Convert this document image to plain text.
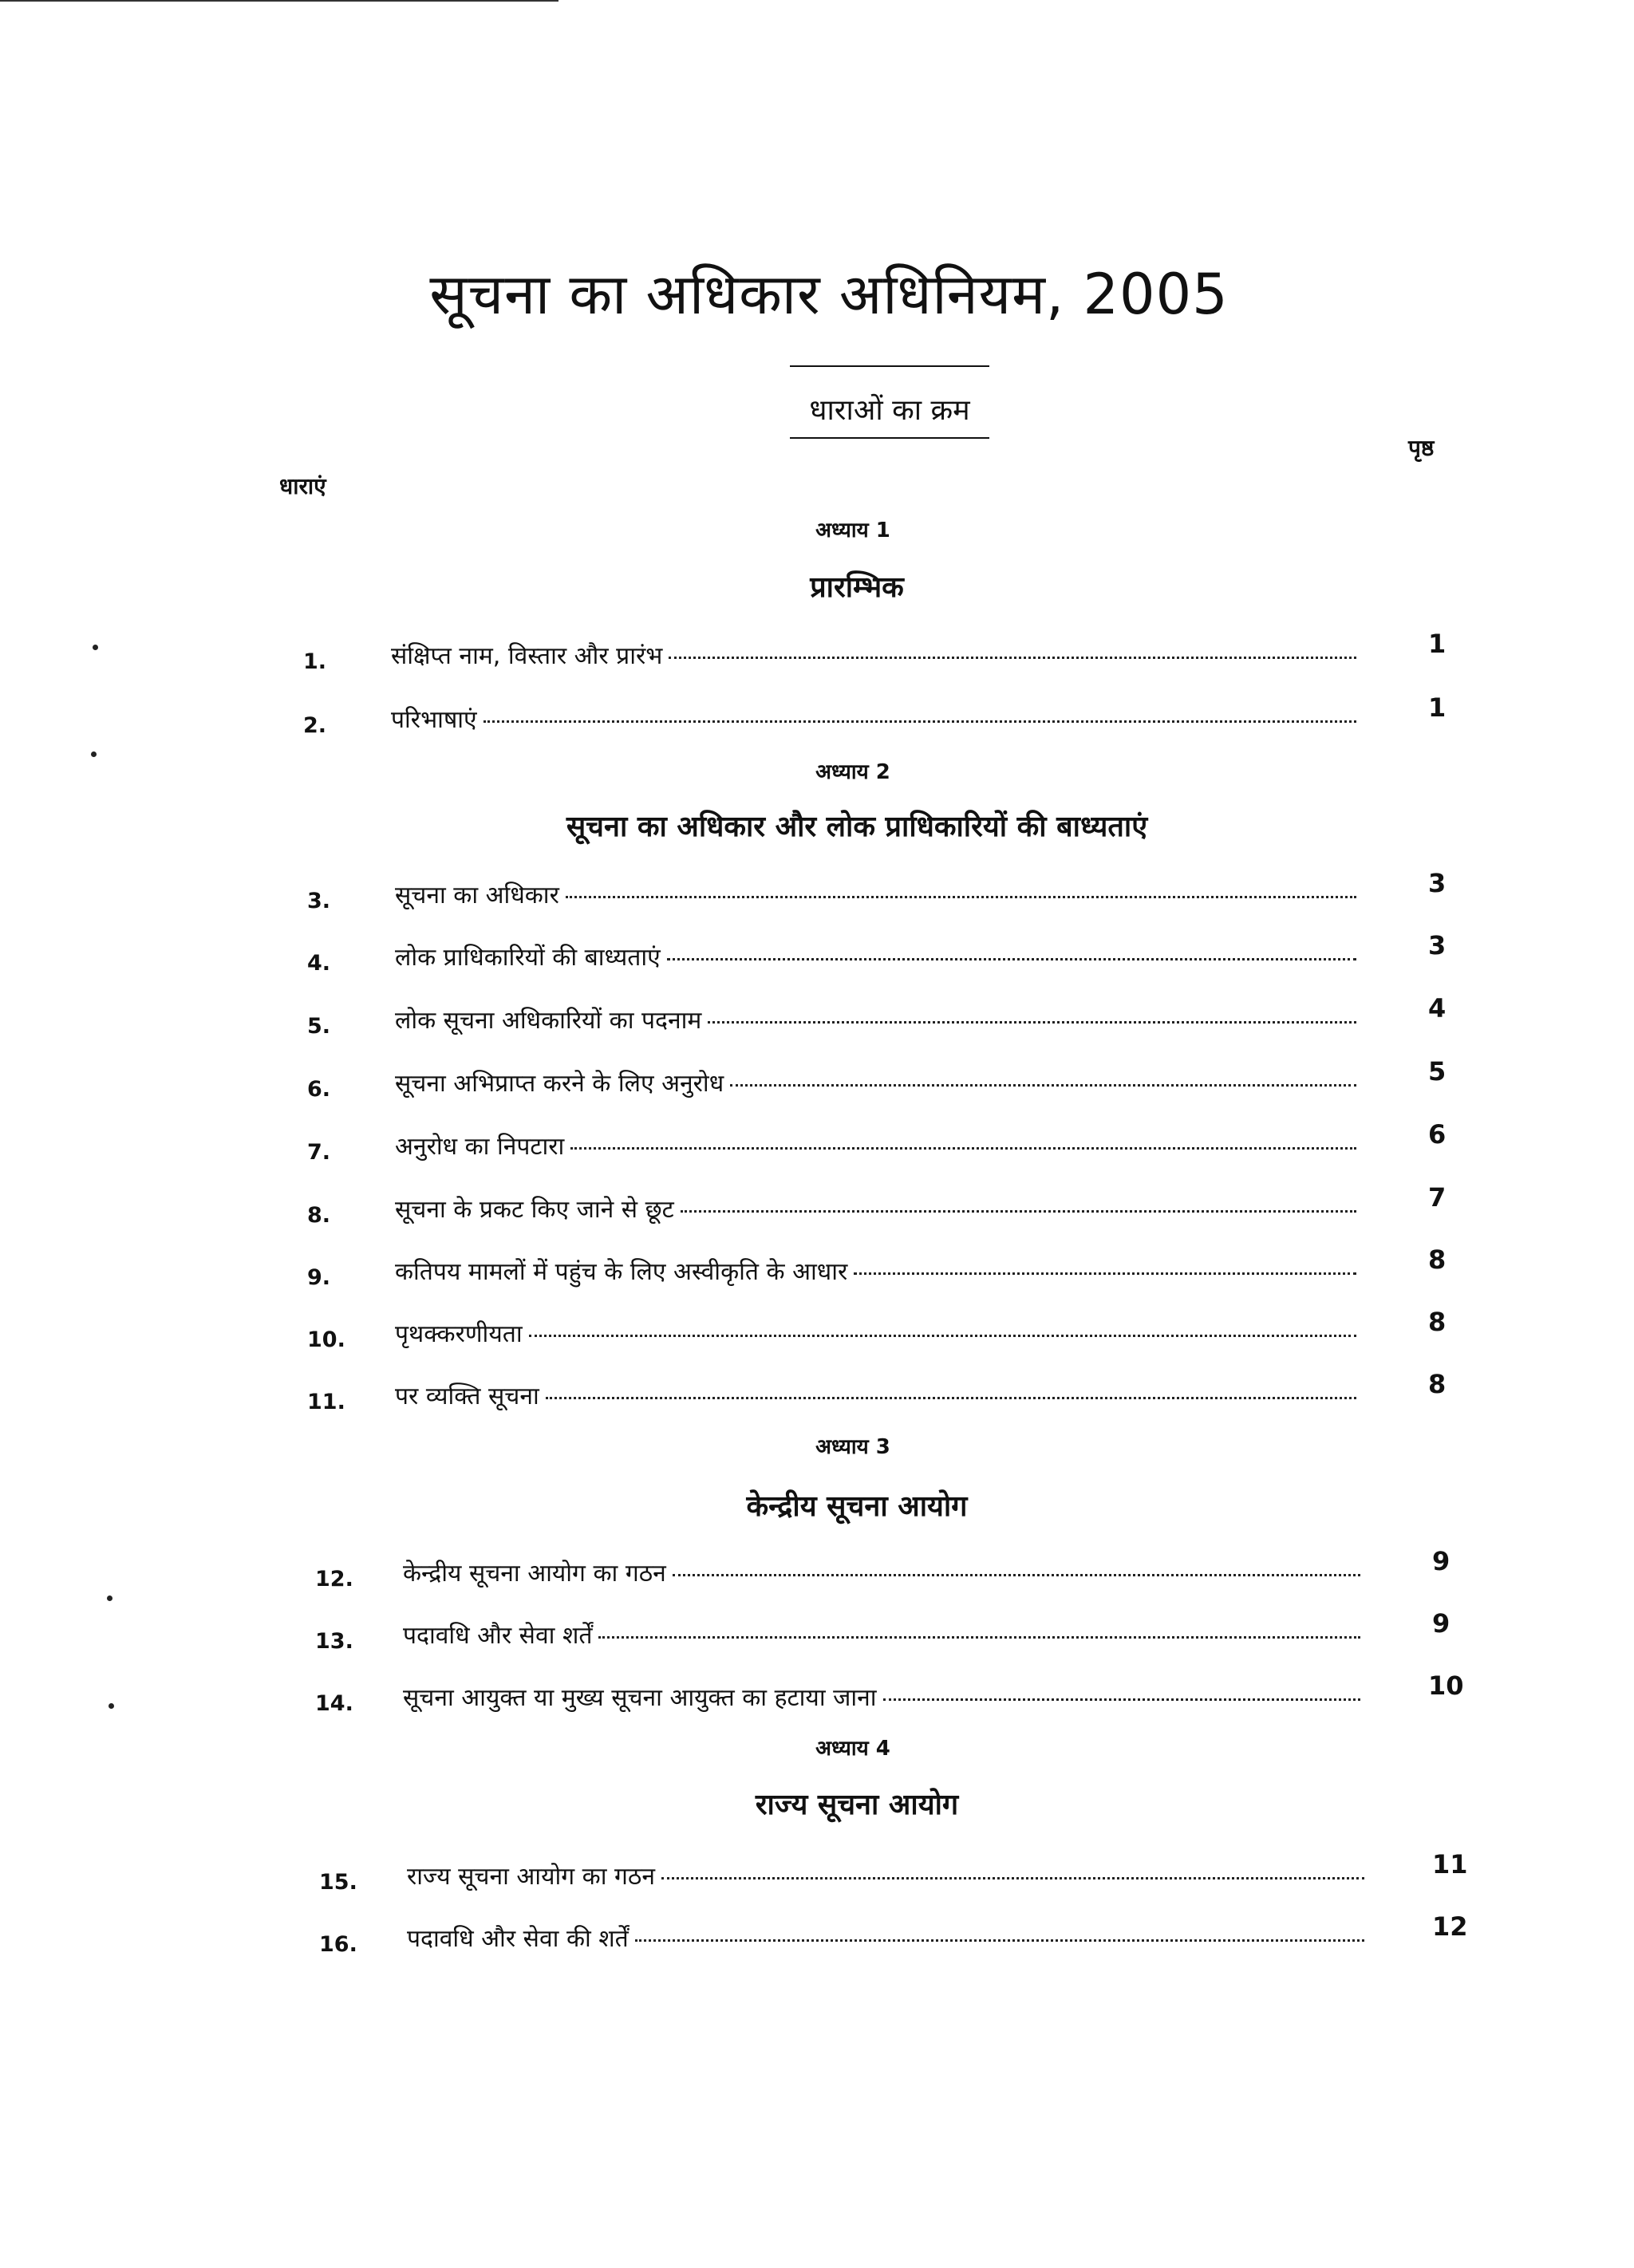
सूचना का अधिकार अधिनियम, 2005
धाराओं का क्रम
पृष्ठ
धाराएं
अध्याय 1
प्रारम्भिक
1.	संक्षिप्त नाम, विस्तार और प्रारंभ	1
2.	परिभाषाएं	1
अध्याय 2
सूचना का अधिकार और लोक प्राधिकारियों की बाध्यताएं
3.	सूचना का अधिकार	3
4.	लोक प्राधिकारियों की बाध्यताएं	3
5.	लोक सूचना अधिकारियों का पदनाम	4
6.	सूचना अभिप्राप्त करने के लिए अनुरोध	5
7.	अनुरोध का निपटारा	6
8.	सूचना के प्रकट किए जाने से छूट	7
9.	कतिपय मामलों में पहुंच के लिए अस्वीकृति के आधार	8
10. पृथक्करणीयता	8
11. पर व्यक्ति सूचना	8
अध्याय 3
केन्द्रीय सूचना आयोग
12. केन्द्रीय सूचना आयोग का गठन	9
13. पदावधि और सेवा शर्तें	9
14. सूचना आयुक्त या मुख्य सूचना आयुक्त का हटाया जाना	10
अध्याय 4
राज्य सूचना आयोग
15. राज्य सूचना आयोग का गठन	11
16. पदावधि और सेवा की शर्तें	12
